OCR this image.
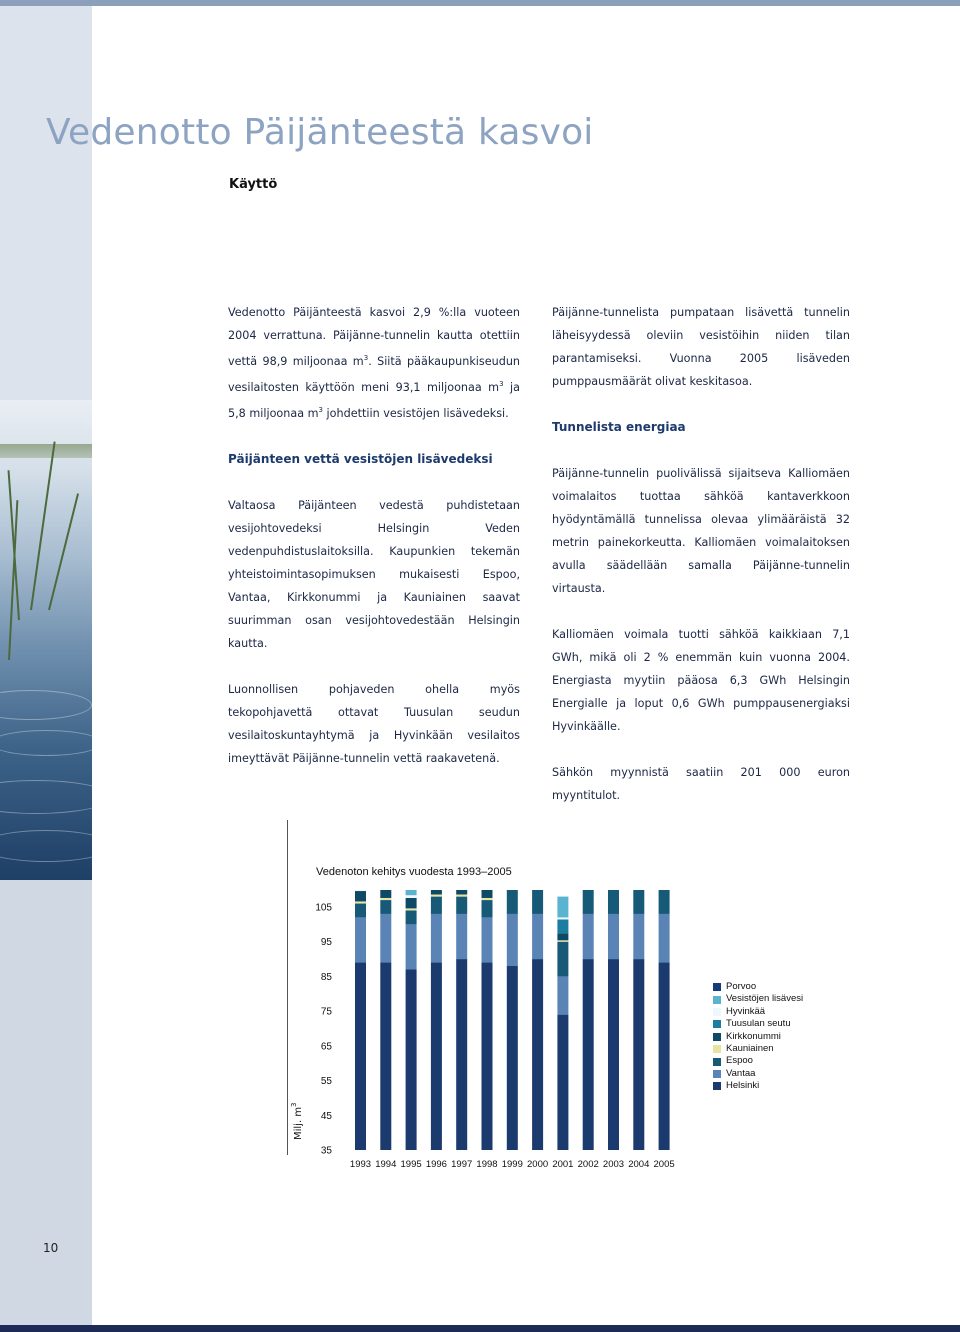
Vedenotto Päijänteestä kasvoi
Käyttö

Vedenotto Päijänteestä kasvoi 2,9 %:lla vuoteen 2004 verrattuna. Päijänne-tunnelin kautta otettiin vettä 98,9 miljoonaa $m^3$. Siitä pääkaupunkiseudun vesilaitosten käyttöön meni 93,1 miljoonaa $m^3$ ja 5,8 miljoonaa $m^3$ johdettiin vesistöjen lisävedeksi.

Päijänteen vettä vesistöjen lisävedeksi

Valtaosa Päijänteen vedestä puhdistetaan vesijohtovedeksi Helsingin Veden vedenpuhdistuslaitoksilla. Kaupunkien tekemän yhteistoimintasopimuksen mukaisesti Espoo, Vantaa, Kirkkonummi ja Kauniainen saavat suurimman osan vesijohtovedestään Helsingin kautta.

Luonnollisen pohjaveden ohella myös tekopohjavettä ottavat Tuusulan seudun vesilaitoskuntayhtymä ja Hyvinkään vesilaitos imeyttävät Päijänne-tunnelin vettä raakavetenä.

Päijänne-tunnelista pumpataan lisävettä tunnelin läheisyydessä oleviin vesistöihin niiden tilan parantamiseksi. Vuonna 2005 lisäveden pumppausmäärät olivat keskitasoa.

Tunnelista energiaa

Päijänne-tunnelin puolivälissä sijaitseva Kalliomäen voimalaitos tuottaa sähköä kantaverkkoon hyödyntämällä tunnelissa olevaa ylimääräistä 32 metrin painekorkeutta. Kalliomäen voimalaitoksen avulla säädellään samalla Päijänne-tunnelin virtausta.

Kalliomäen voimala tuotti sähköä kaikkiaan 7,1 GWh, mikä oli 2 % enemmän kuin vuonna 2004. Energiasta myytiin pääosa 6,3 GWh Helsingin Energialle ja loput 0,6 GWh pumppausenergiaksi Hyvinkäälle.

Sähkön myynnistä saatiin 201 000 euron myyntitulot.

Vedenoton kehitys vuodesta 1993–2005
Milj. $m^3$
35
45
55
65
75
85
95
105
1993 1994 1995 1996 1997 1998 1999 2000 2001 2002 2003 2004 2005
Porvoo
Vesistöjen lisävesi
Hyvinkää
Tuusulan seutu
Kirkkonummi
Kauniainen
Espoo
Vantaa
Helsinki
10
